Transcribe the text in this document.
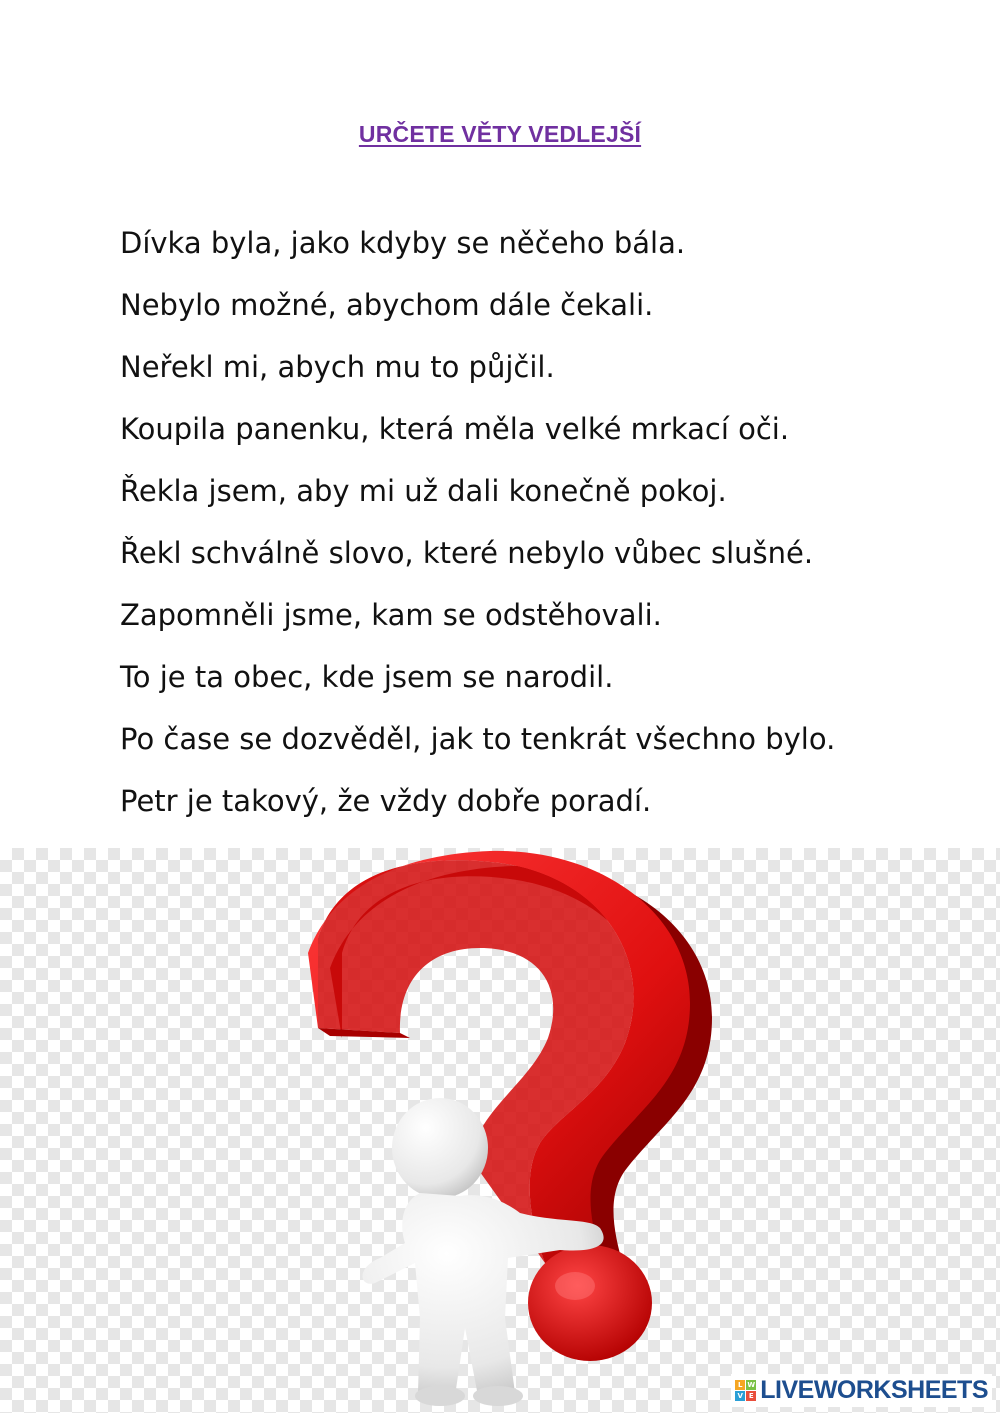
URČETE VĚTY VEDLEJŠÍ
Dívka byla, jako kdyby se něčeho bála.
Nebylo možné, abychom dále čekali.
Neřekl mi, abych mu to půjčil.
Koupila panenku, která měla velké mrkací oči.
Řekla jsem, aby mi už dali konečně pokoj.
Řekl schválně slovo, které nebylo vůbec slušné.
Zapomněli jsme, kam se odstěhovali.
To je ta obec, kde jsem se narodil.
Po čase se dozvěděl, jak to tenkrát všechno bylo.
Petr je takový, že vždy dobře poradí.
L W
V E LIVEWORKSHEETS
